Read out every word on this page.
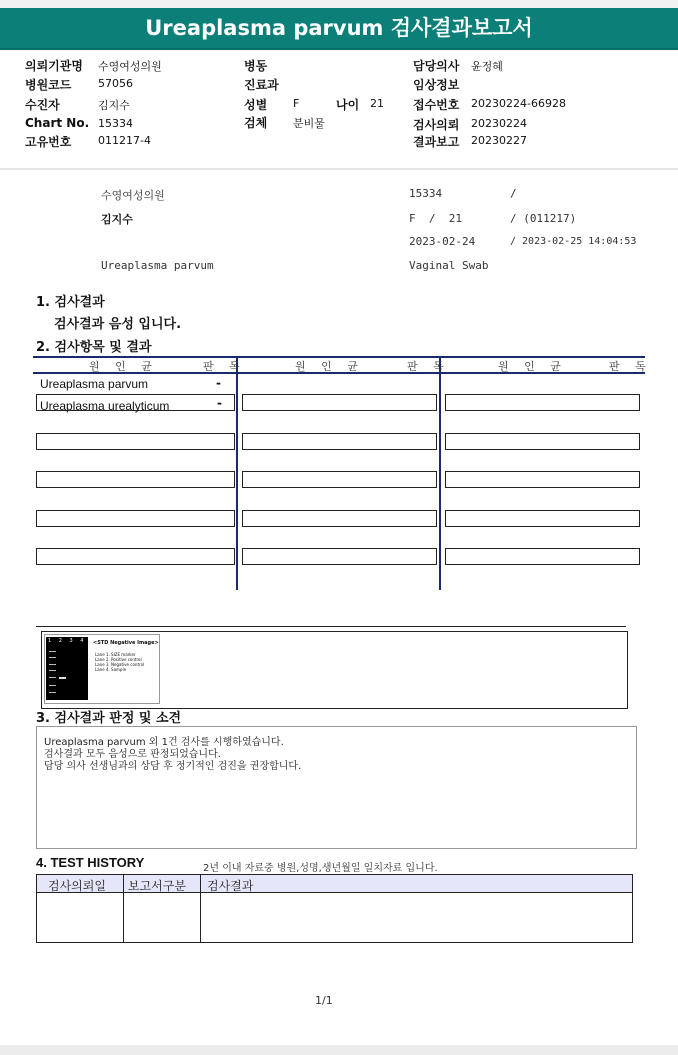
Ureaplasma parvum 검사결과보고서
의뢰기관명 수영여성의원	병동	담당의사 윤정혜
병원코드 57056	진료과	임상정보
수진자	김지수	성별 F	나이 21 접수번호 20230224-66928
Chart No. 15334	검체 분비물	검사의뢰 20230224
고유번호 011217-4	결과보고 20230227
수영여성의원	15334	/
김지수	F  /  21	/ (011217)
2023-02-24	/ 2023-02-25 14:04:53
Ureaplasma parvum	Vaginal Swab
1. 검사결과
검사결과 음성 입니다.
2. 검사항목 및 결과
원 인 균	판 독	원 인 균	판 독	원 인 균	판 독
Ureaplasma parvum	-
Ureaplasma urealyticum	-
1 2 3 4 <STD Negative Image>
Lane 1. SIZE marker
Lane 2. Positive control
Lane 3. Negative control
Lane 4. Sample
3. 검사결과 판정 및 소견
Ureaplasma parvum 외 1건 검사를 시행하였습니다.
검사결과 모두 음성으로 판정되었습니다.
담당 의사 선생님과의 상담 후 정기적인 검진을 권장합니다.
4. TEST HISTORY	2년 이내 자료중 병원,성명,생년월일 일치자료 입니다.
검사의뢰일 보고서구분 검사결과
1/1
